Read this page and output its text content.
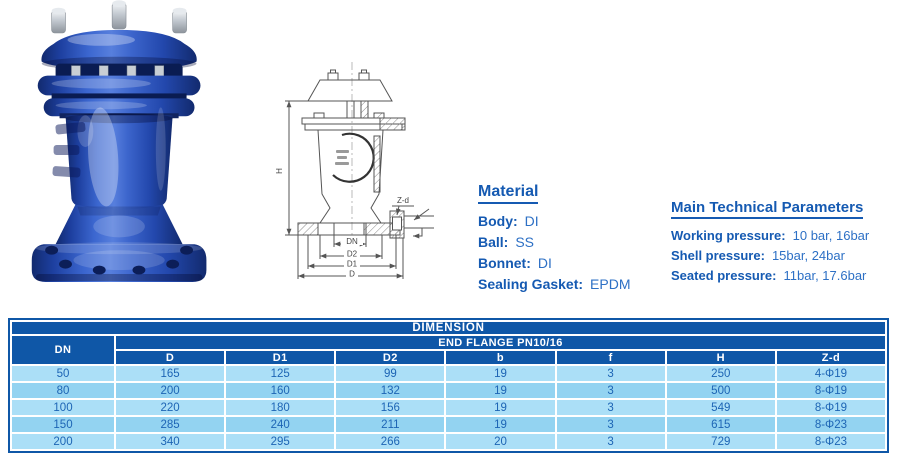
H
Z-d
DN
D2
D1
D
Material
Body: DI
Ball: SS
Bonnet: DI
Sealing Gasket: EPDM
Main Technical Parameters
Working pressure: 10 bar, 16bar
Shell pressure: 15bar, 24bar
Seated pressure: 11bar, 17.6bar
DIMENSION							
DN	END FLANGE PN10/16						
	D	D1	D2	b	f	H	Z-d
50	165	125	99	19	3	250	4-Φ19
80	200	160	132	19	3	500	8-Φ19
100	220	180	156	19	3	549	8-Φ19
150	285	240	211	19	3	615	8-Φ23
200	340	295	266	20	3	729	8-Φ23
